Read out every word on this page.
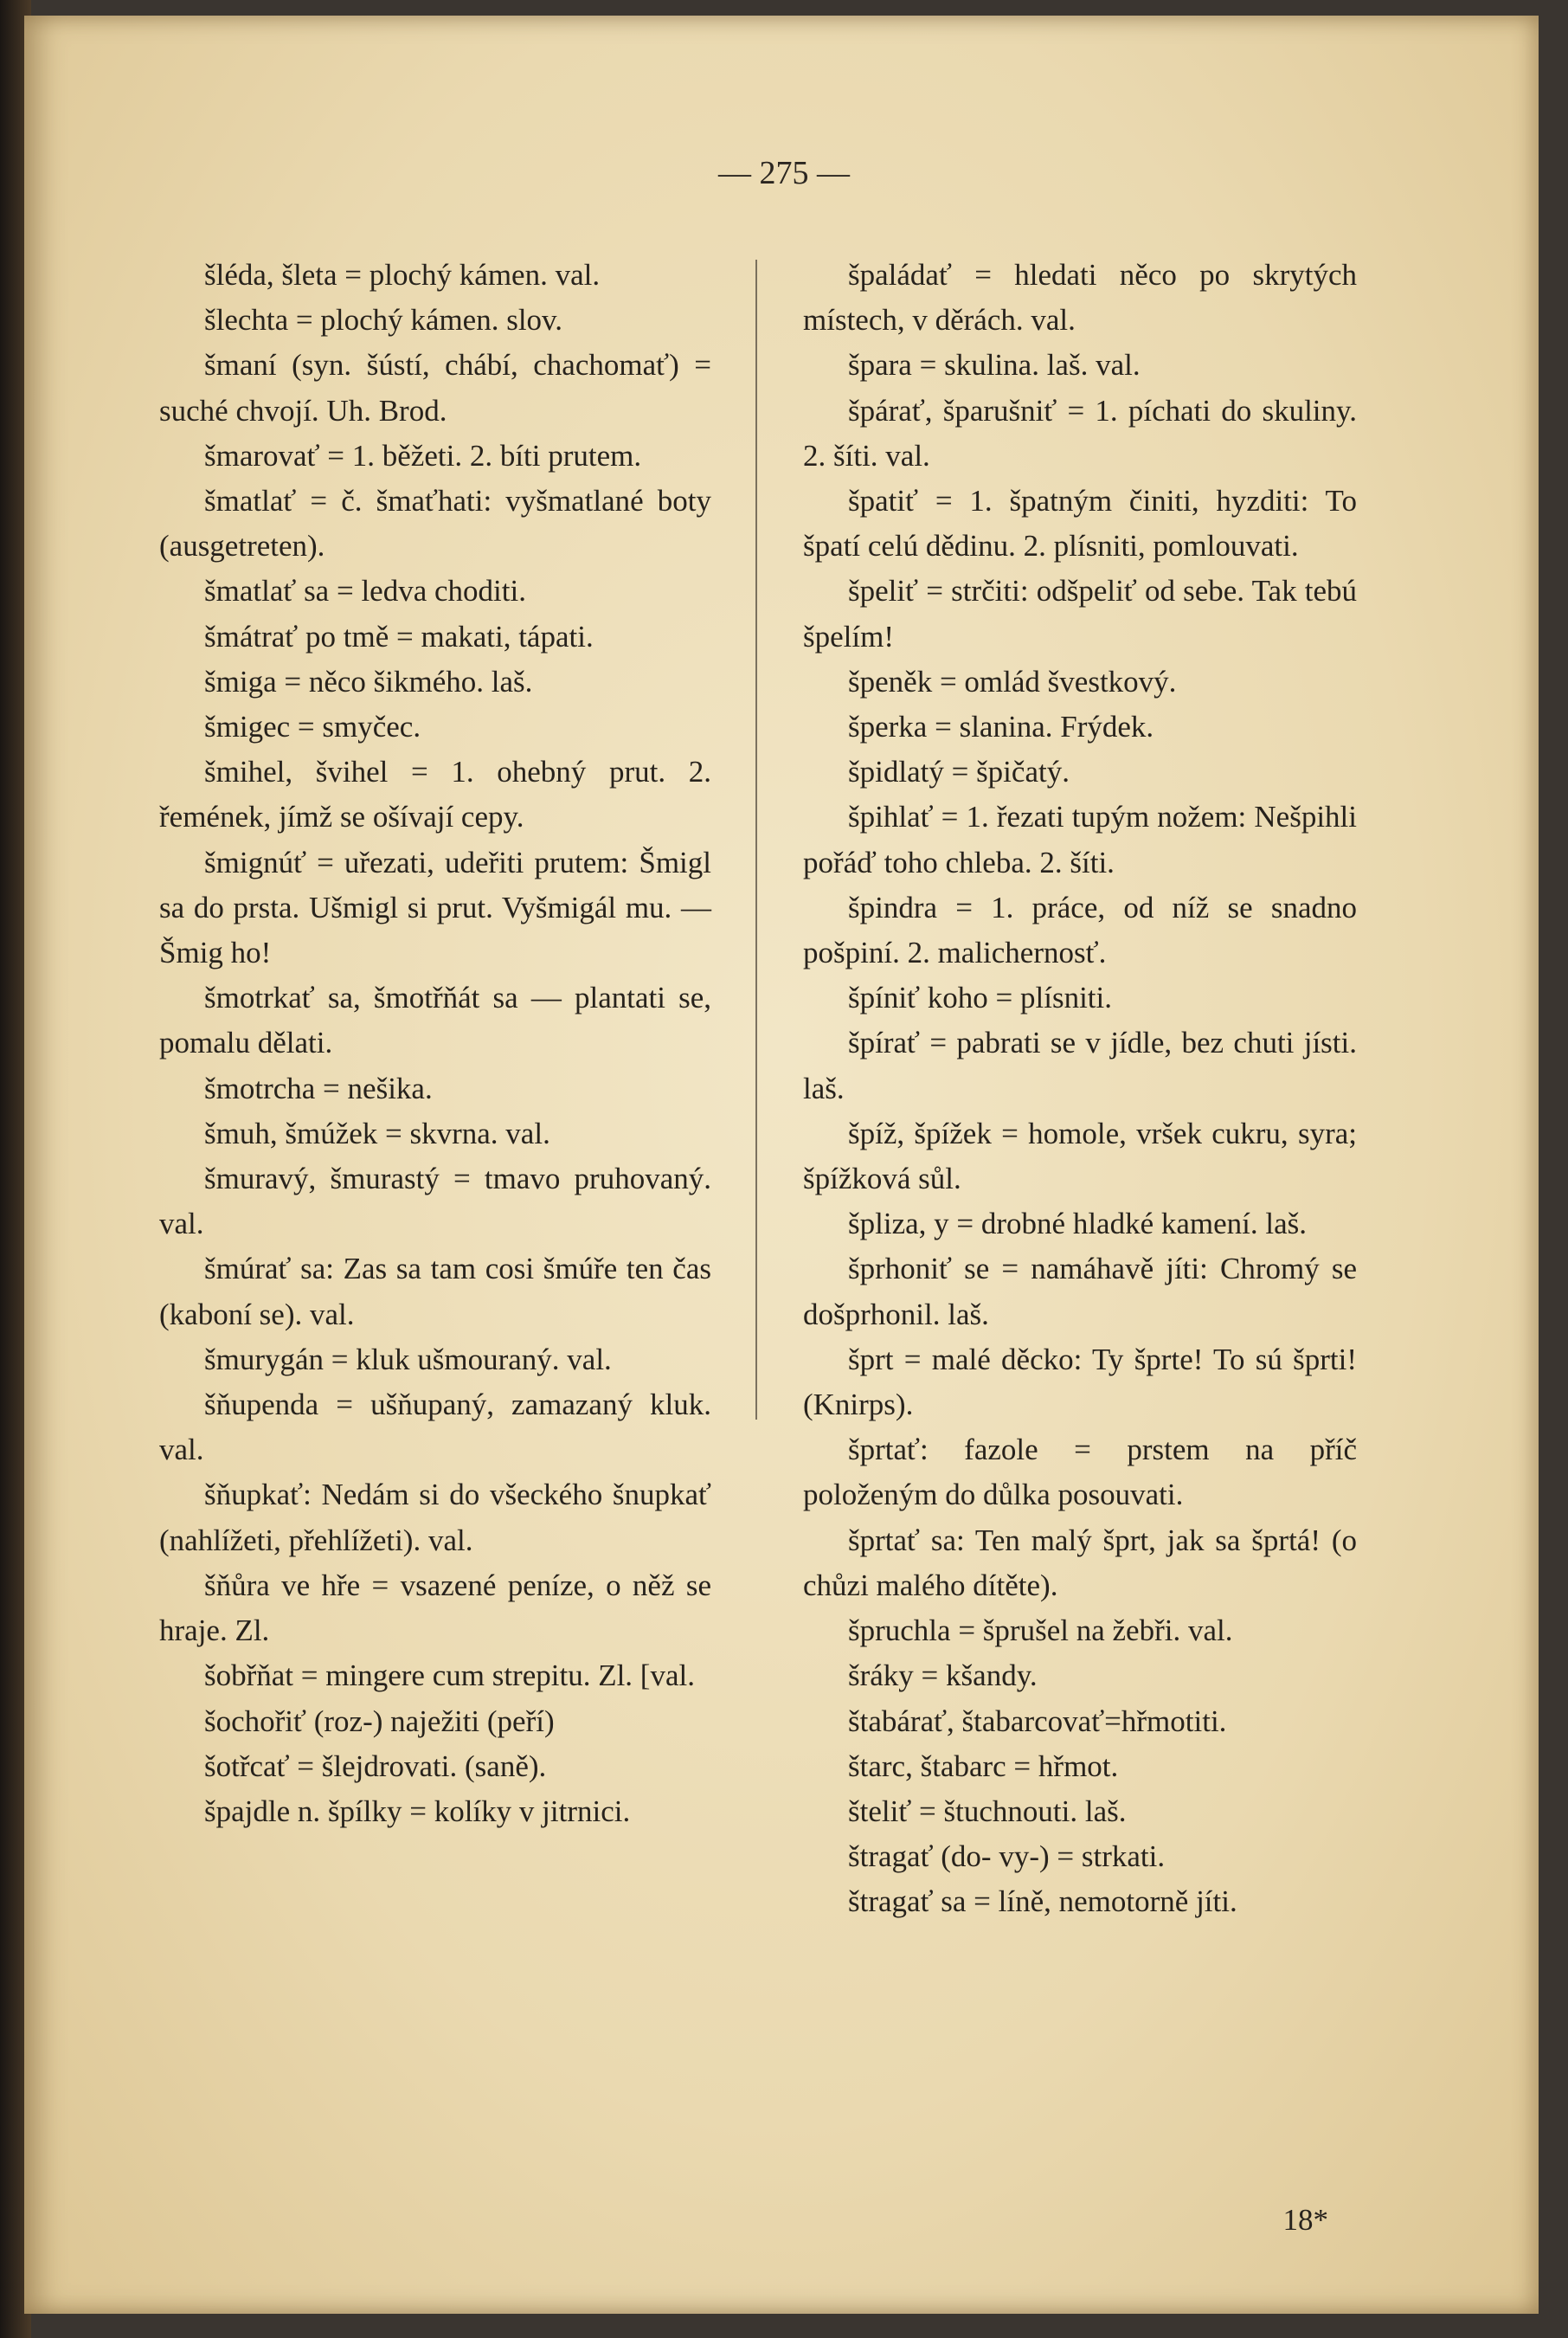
— 275 —

šléda, šleta = plochý kámen. val.

šlechta = plochý kámen. slov.

šmaní (syn. šústí, chábí, chachomať) = suché chvojí. Uh. Brod.

šmarovať = 1. běžeti. 2. bíti prutem.

šmatlať = č. šmaťhati: vyšmatlané boty (ausgetreten).

šmatlať sa = ledva choditi.

šmátrať po tmě = makati, tápati.

šmiga = něco šikmého. laš.

šmigec = smyčec.

šmihel, švihel = 1. ohebný prut. 2. řemének, jímž se ošívají cepy.

šmignúť = uřezati, udeřiti prutem: Šmigl sa do prsta. Ušmigl si prut. Vyšmigál mu. — Šmig ho!

šmotrkať sa, šmotřňát sa — plantati se, pomalu dělati.

šmotrcha = nešika.

šmuh, šmúžek = skvrna. val.

šmuravý, šmurastý = tmavo pruhovaný. val.

šmúrať sa: Zas sa tam cosi šmúře ten čas (kaboní se). val.

šmurygán = kluk ušmouraný. val.

šňupenda = ušňupaný, zamazaný kluk. val.

šňupkať: Nedám si do všeckého šnupkať (nahlížeti, přehlížeti). val.

šňůra ve hře = vsazené peníze, o něž se hraje. Zl.

šobřňat = mingere cum strepitu. Zl. [val.

šochořiť (roz-) naježiti (peří)

šotřcať = šlejdrovati. (saně).

špajdle n. špílky = kolíky v jitrnici.

špaládať = hledati něco po skrytých místech, v děrách. val.

špara = skulina. laš. val.

špárať, šparušniť = 1. píchati do skuliny. 2. šíti. val.

špatiť = 1. špatným činiti, hyzditi: To špatí celú dědinu. 2. plísniti, pomlouvati.

špeliť = strčiti: odšpeliť od sebe. Tak tebú špelím!

špeněk = omlád švestkový.

šperka = slanina. Frýdek.

špidlatý = špičatý.

špihlať = 1. řezati tupým nožem: Nešpihli pořáď toho chleba. 2. šíti.

špindra = 1. práce, od níž se snadno pošpiní. 2. malichernosť.

špíniť koho = plísniti.

špírať = pabrati se v jídle, bez chuti jísti. laš.

špíž, špížek = homole, vršek cukru, syra; špížková sůl.

špliza, y = drobné hladké kamení. laš.

šprhoniť se = namáhavě jíti: Chromý se došprhonil. laš.

šprt = malé děcko: Ty šprte! To sú šprti! (Knirps).

šprtať: fazole = prstem na příč položeným do důlka posouvati.

šprtať sa: Ten malý šprt, jak sa šprtá! (o chůzi malého dítěte).

špruchla = šprušel na žebři. val.

šráky = kšandy.

štabárať, štabarcovať=hřmotiti.

štarc, štabarc = hřmot.

šteliť = štuchnouti. laš.

štragať (do- vy-) = strkati.

štragať sa = líně, nemotorně jíti.

18*
